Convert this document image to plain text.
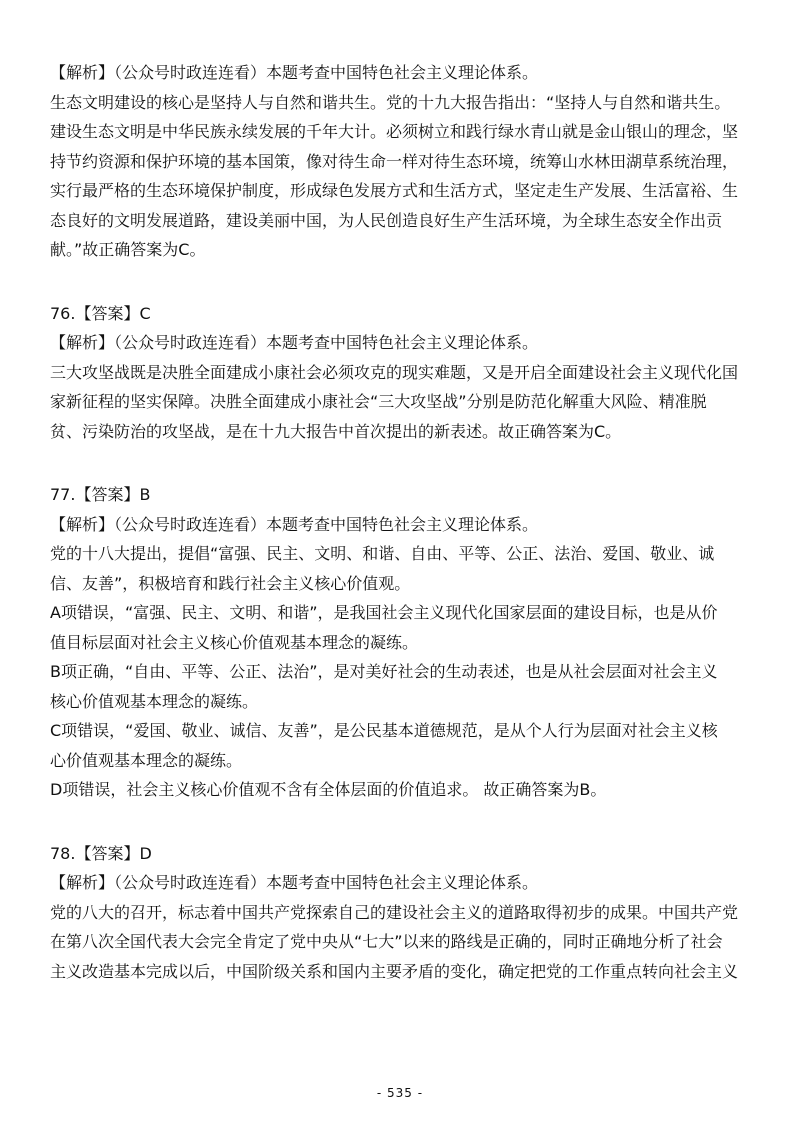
【解析】（公众号时政连连看）本题考查中国特色社会主义理论体系。

生态文明建设的核心是坚持人与自然和谐共生。党的十九大报告指出：“坚持人与自然和谐共生。

建设生态文明是中华民族永续发展的千年大计。必须树立和践行绿水青山就是金山银山的理念，坚

持节约资源和保护环境的基本国策，像对待生命一样对待生态环境，统筹山水林田湖草系统治理，

实行最严格的生态环境保护制度，形成绿色发展方式和生活方式，坚定走生产发展、生活富裕、生

态良好的文明发展道路，建设美丽中国，为人民创造良好生产生活环境，为全球生态安全作出贡

献。”故正确答案为C。

76.【答案】C

【解析】（公众号时政连连看）本题考查中国特色社会主义理论体系。

三大攻坚战既是决胜全面建成小康社会必须攻克的现实难题，又是开启全面建设社会主义现代化国

家新征程的坚实保障。决胜全面建成小康社会“三大攻坚战”分别是防范化解重大风险、精准脱

贫、污染防治的攻坚战，是在十九大报告中首次提出的新表述。故正确答案为C。

77.【答案】B

【解析】（公众号时政连连看）本题考查中国特色社会主义理论体系。

党的十八大提出，提倡“富强、民主、文明、和谐、自由、平等、公正、法治、爱国、敬业、诚

信、友善”，积极培育和践行社会主义核心价值观。

A项错误，“富强、民主、文明、和谐”，是我国社会主义现代化国家层面的建设目标，也是从价

值目标层面对社会主义核心价值观基本理念的凝练。

B项正确，“自由、平等、公正、法治”，是对美好社会的生动表述，也是从社会层面对社会主义

核心价值观基本理念的凝练。

C项错误，“爱国、敬业、诚信、友善”，是公民基本道德规范，是从个人行为层面对社会主义核

心价值观基本理念的凝练。

D项错误，社会主义核心价值观不含有全体层面的价值追求。 故正确答案为B。

78.【答案】D

【解析】（公众号时政连连看）本题考查中国特色社会主义理论体系。

党的八大的召开，标志着中国共产党探索自己的建设社会主义的道路取得初步的成果。中国共产党

在第八次全国代表大会完全肯定了党中央从“七大”以来的路线是正确的，同时正确地分析了社会

主义改造基本完成以后，中国阶级关系和国内主要矛盾的变化，确定把党的工作重点转向社会主义

- 535 -
